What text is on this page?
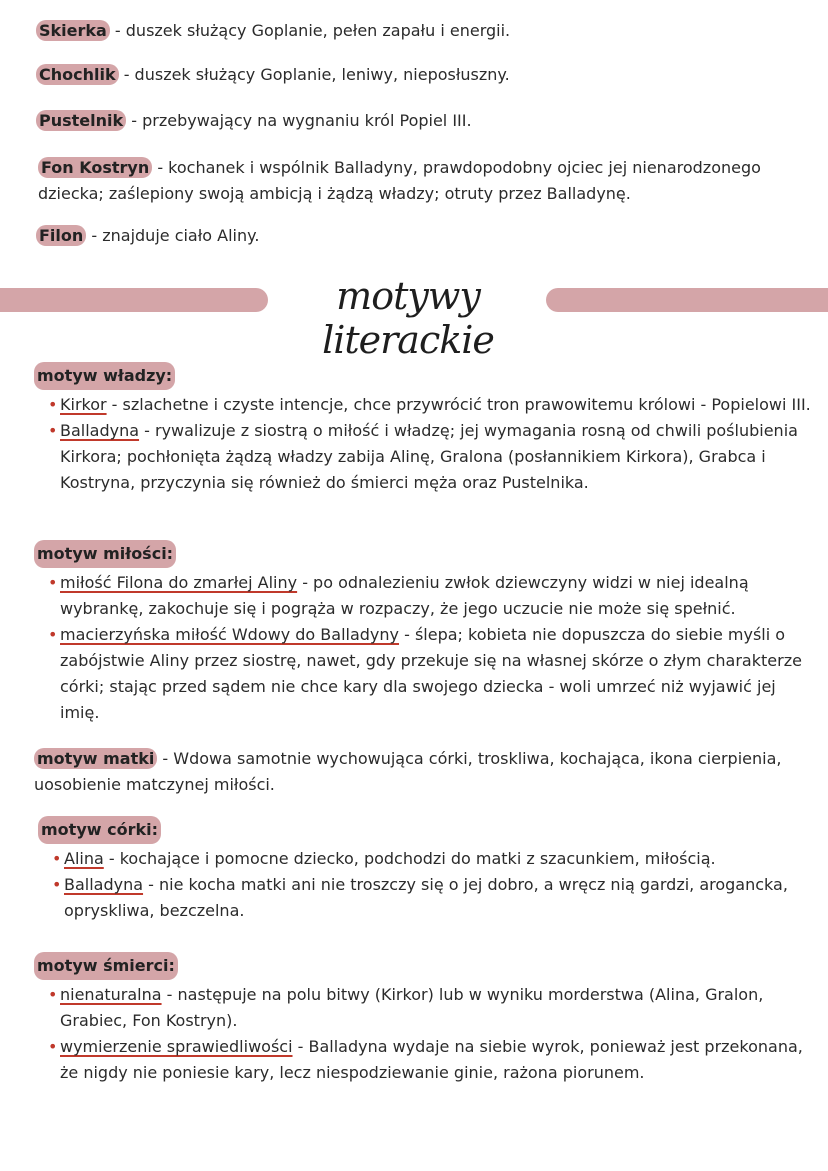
Skierka - duszek służący Goplanie, pełen zapału i energii.
Chochlik - duszek służący Goplanie, leniwy, nieposłuszny.
Pustelnik - przebywający na wygnaniu król Popiel III.
Fon Kostryn - kochanek i wspólnik Balladyny, prawdopodobny ojciec jej nienarodzonego dziecka; zaślepiony swoją ambicją i żądzą władzy; otruty przez Balladynę.
Filon - znajduje ciało Aliny.
motywy literackie
motyw władzy:
• Kirkor - szlachetne i czyste intencje, chce przywrócić tron prawowitemu królowi - Popielowi III.
• Balladyna - rywalizuje z siostrą o miłość i władzę; jej wymagania rosną od chwili poślubienia Kirkora; pochłonięta żądzą władzy zabija Alinę, Gralona (posłannikiem Kirkora), Grabca i Kostryna, przyczynia się również do śmierci męża oraz Pustelnika.
motyw miłości:
• miłość Filona do zmarłej Aliny - po odnalezieniu zwłok dziewczyny widzi w niej idealną wybrankę, zakochuje się i pogrąża w rozpaczy, że jego uczucie nie może się spełnić.
• macierzyńska miłość Wdowy do Balladyny - ślepa; kobieta nie dopuszcza do siebie myśli o zabójstwie Aliny przez siostrę, nawet, gdy przekuje się na własnej skórze o złym charakterze córki; stając przed sądem nie chce kary dla swojego dziecka - woli umrzeć niż wyjawić jej imię.
motyw matki - Wdowa samotnie wychowująca córki, troskliwa, kochająca, ikona cierpienia, uosobienie matczynej miłości.
motyw córki:
• Alina - kochające i pomocne dziecko, podchodzi do matki z szacunkiem, miłością.
• Balladyna - nie kocha matki ani nie troszczy się o jej dobro, a wręcz nią gardzi, arogancka, opryskliwa, bezczelna.
motyw śmierci:
• nienaturalna - następuje na polu bitwy (Kirkor) lub w wyniku morderstwa (Alina, Gralon, Grabiec, Fon Kostryn).
• wymierzenie sprawiedliwości - Balladyna wydaje na siebie wyrok, ponieważ jest przekonana, że nigdy nie poniesie kary, lecz niespodziewanie ginie, rażona piorunem.
